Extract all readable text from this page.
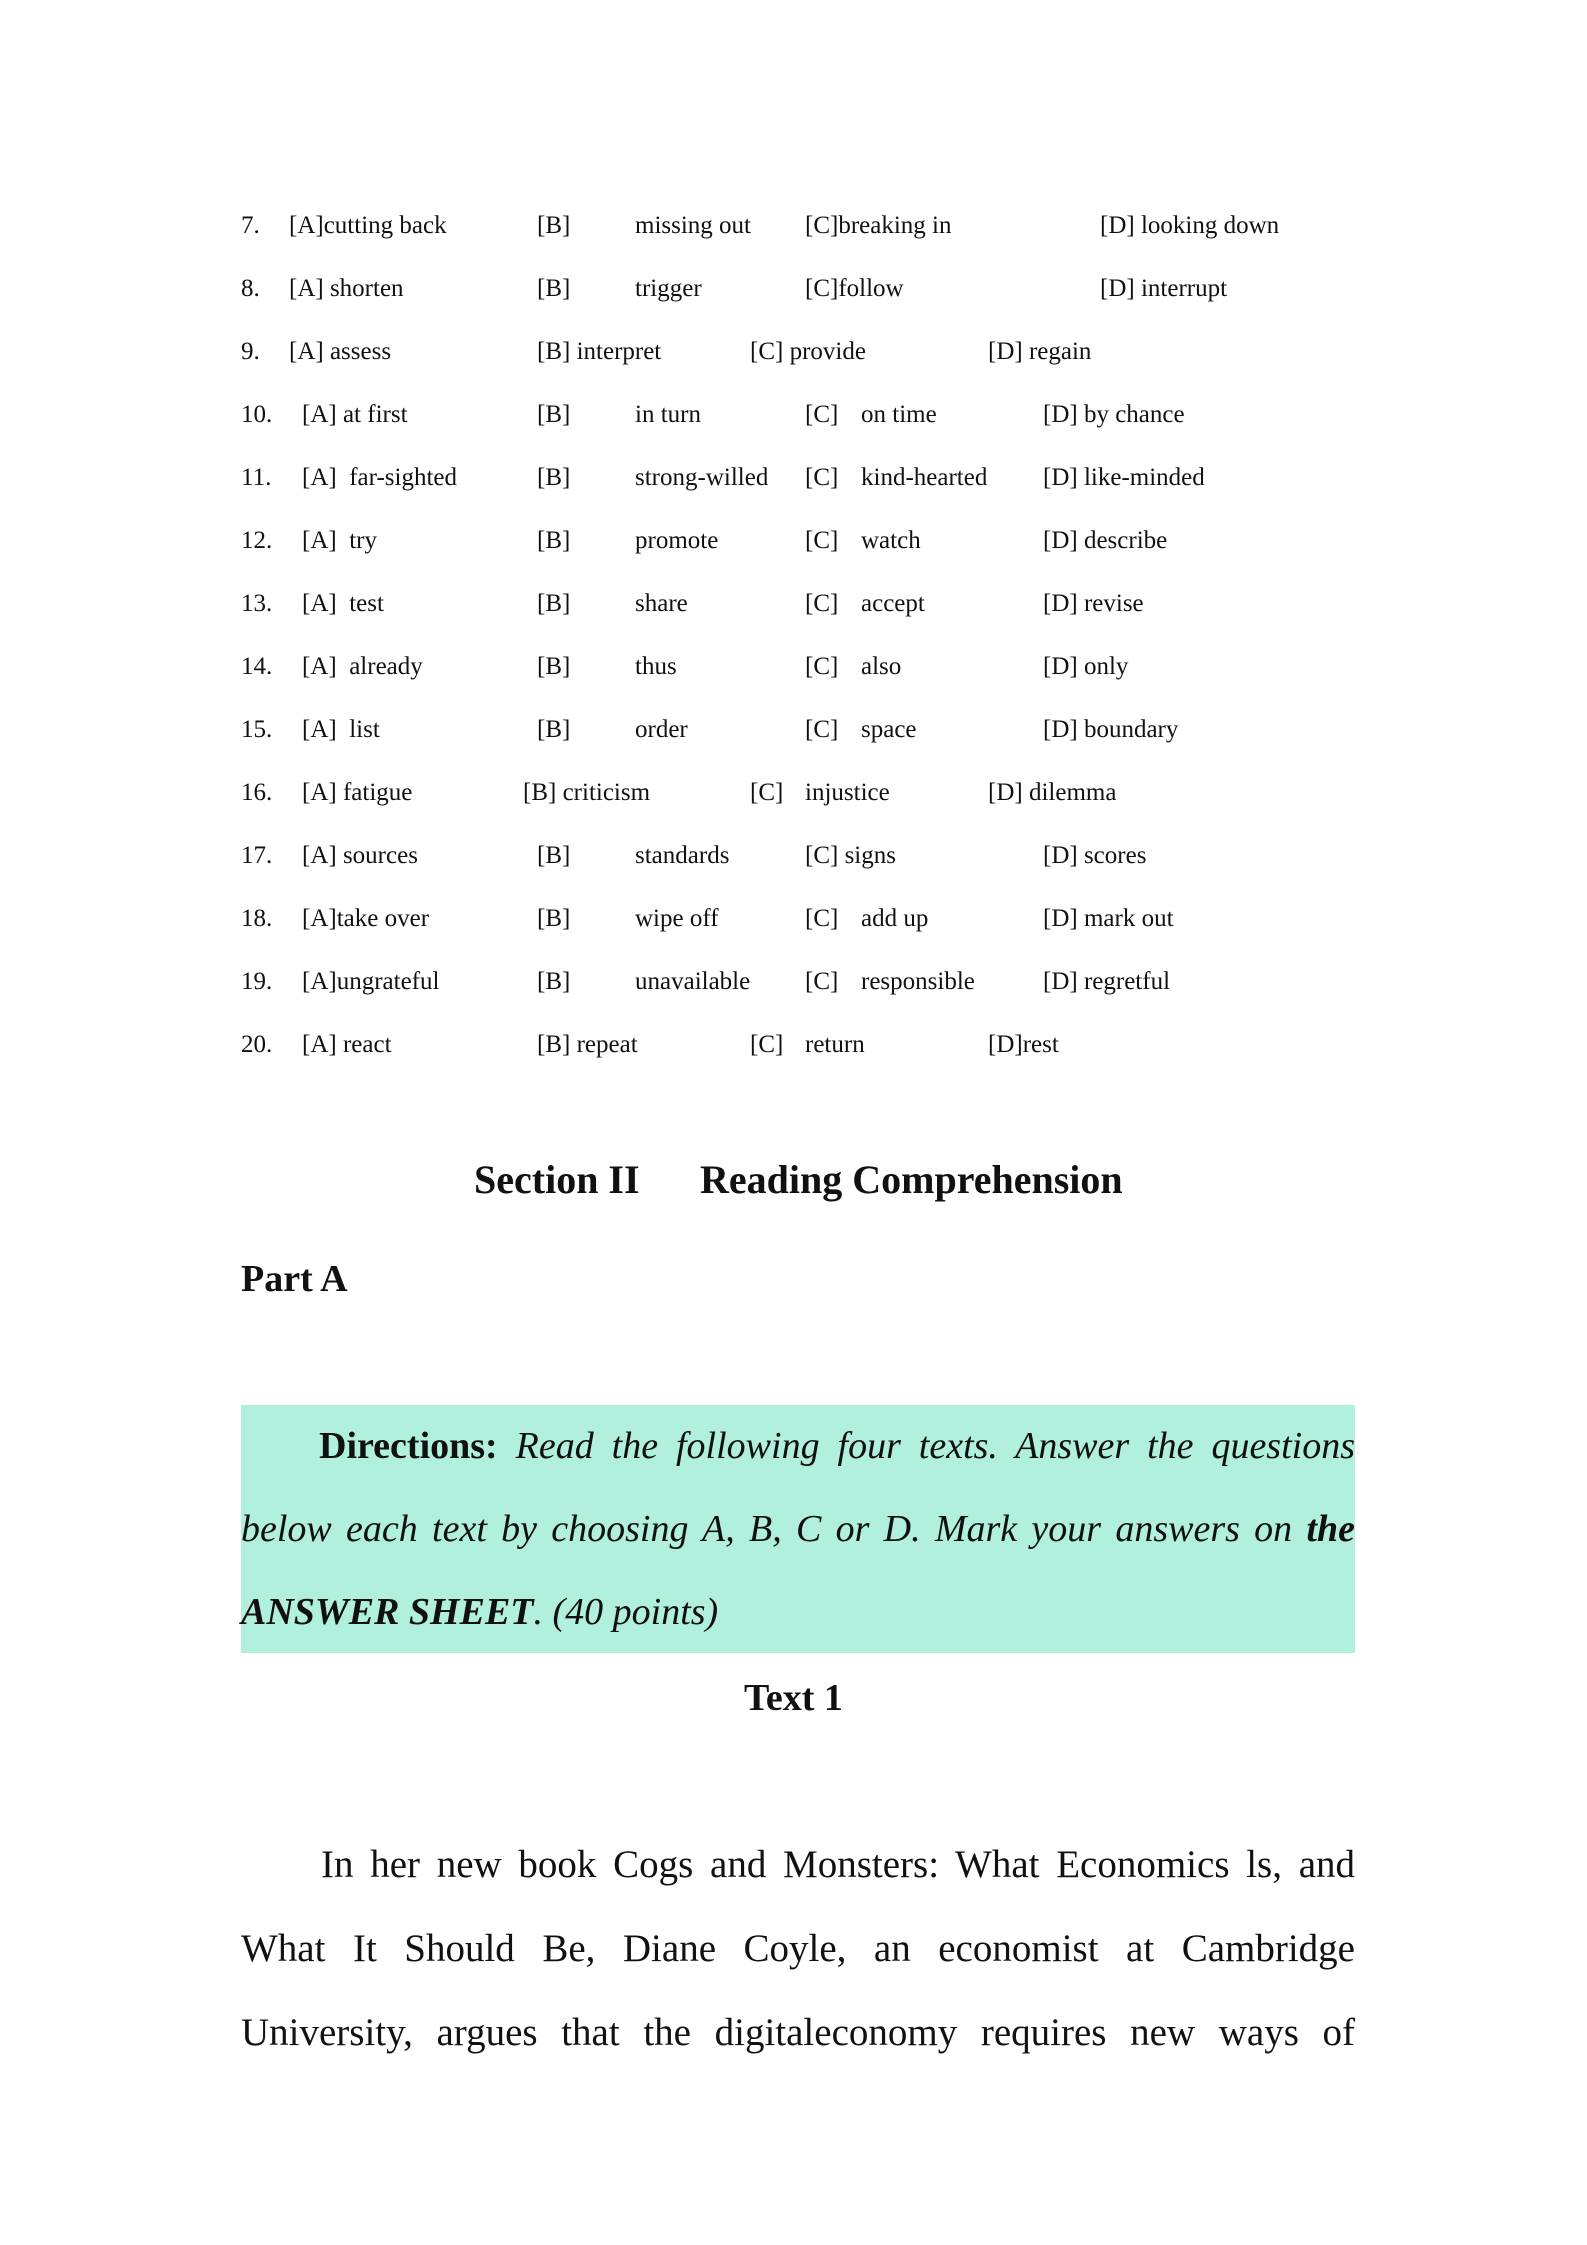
7. [A]cutting back	[B]	missing out [C]breaking in	[D] looking down
8. [A] shorten	[B]	trigger	[C]follow	[D] interrupt
9. [A] assess	[B] interpret	[C] provide	[D] regain
10. [A] at first	[B]	in turn	[C] on time	[D] by chance
11. [A]  far-sighted	[B]	strong-willed [C] kind-hearted [D] like-minded
12. [A]  try	[B]	promote	[C] watch	[D] describe
13. [A]  test	[B]	share	[C] accept	[D] revise
14. [A]  already	[B]	thus	[C] also	[D] only
15. [A]  list	[B]	order	[C] space	[D] boundary
16. [A] fatigue	[B] criticism	[C] injustice	[D] dilemma
17. [A] sources	[B]	standards	[C] signs	[D] scores
18. [A]take over	[B]	wipe off	[C] add up	[D] mark out
19. [A]ungrateful	[B]	unavailable [C] responsible	[D] regretful
20. [A] react	[B] repeat	[C] return	[D]rest
Section II Reading Comprehension
Part A
Directions: Read the following four texts. Answer the questions
below each text by choosing A, B, C or D. Mark your answers on the
ANSWER SHEET. (40 points)
Text 1
In her new book Cogs and Monsters: What Economics ls, and
What It Should Be, Diane Coyle, an economist at Cambridge
University, argues that the digitaleconomy requires new ways of
